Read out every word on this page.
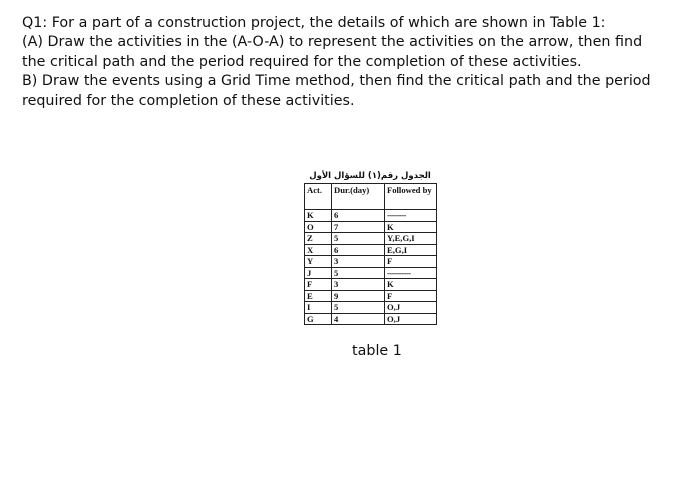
Q1: For a part of a construction project, the details of which are shown in Table 1:
(A) Draw the activities in the (A-O-A) to represent the activities on the arrow, then find
the critical path and the period required for the completion of these activities.
B) Draw the events using a Grid Time method, then find the critical path and the period
required for the completion of these activities.
الجدول رقم(١) للسؤال الأول
Act.	Dur.(day)	Followed by
K	6	--------
O	7	K
Z	5	Y,E,G,I
X	6	E,G,I
Y	3	F
J	5	----------
F	3	K
E	9	F
I	5	O,J
G	4	O,J
table 1
